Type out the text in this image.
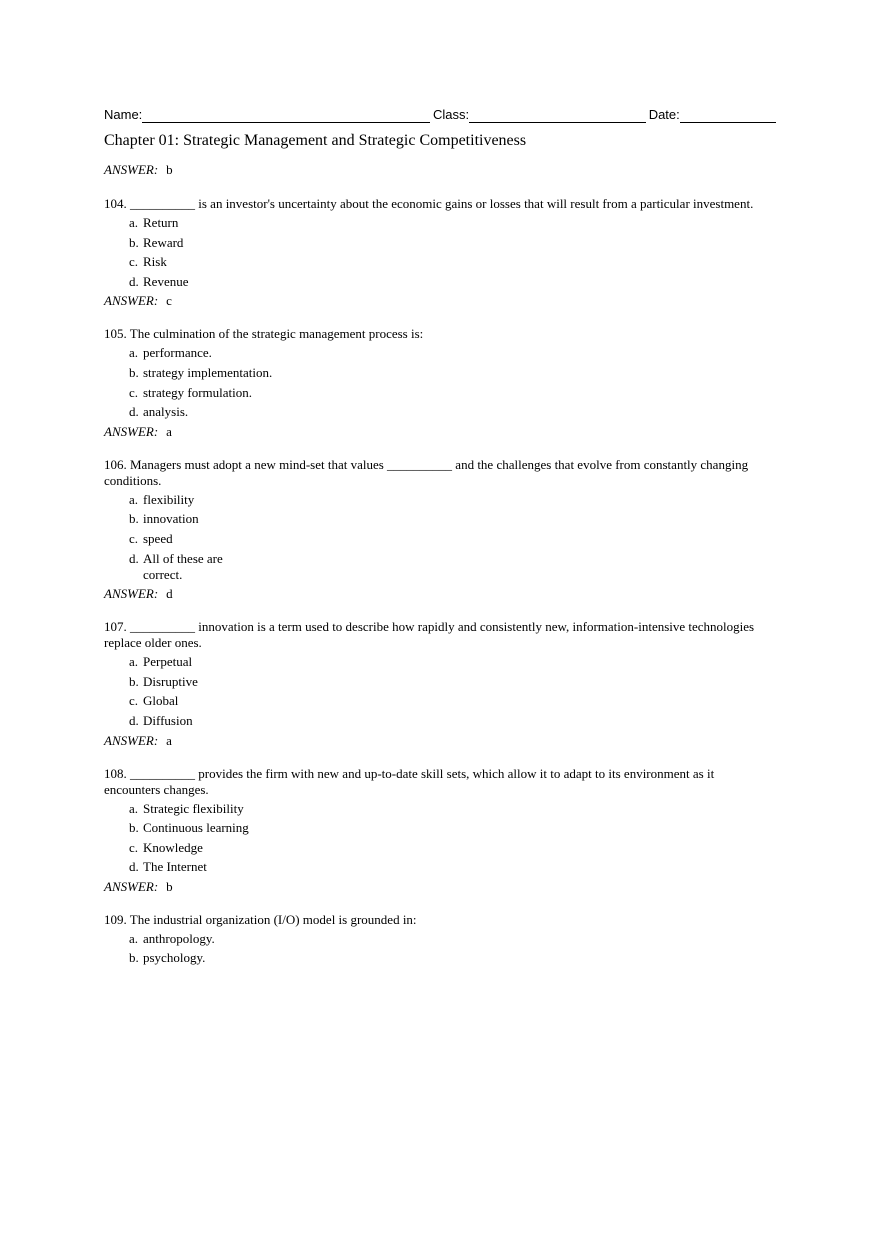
Name:	Class:	Date:
Chapter 01: Strategic Management and Strategic Competitiveness
ANSWER: b

104. __________ is an investor's uncertainty about the economic gains or losses that will result from a particular investment.

a. Return
b. Reward
c. Risk
d. Revenue
ANSWER: c

105. The culmination of the strategic management process is:

a. performance.
b. strategy implementation.
c. strategy formulation.
d. analysis.
ANSWER: a

106. Managers must adopt a new mind-set that values __________ and the challenges that evolve from constantly changing conditions.

a. flexibility
b. innovation
c. speed
d. All of these are correct.
ANSWER: d

107. __________ innovation is a term used to describe how rapidly and consistently new, information-intensive technologies replace older ones.

a. Perpetual
b. Disruptive
c. Global
d. Diffusion
ANSWER: a

108. __________ provides the firm with new and up-to-date skill sets, which allow it to adapt to its environment as it encounters changes.

a. Strategic flexibility
b. Continuous learning
c. Knowledge
d. The Internet
ANSWER: b

109. The industrial organization (I/O) model is grounded in:

a. anthropology.
b. psychology.
